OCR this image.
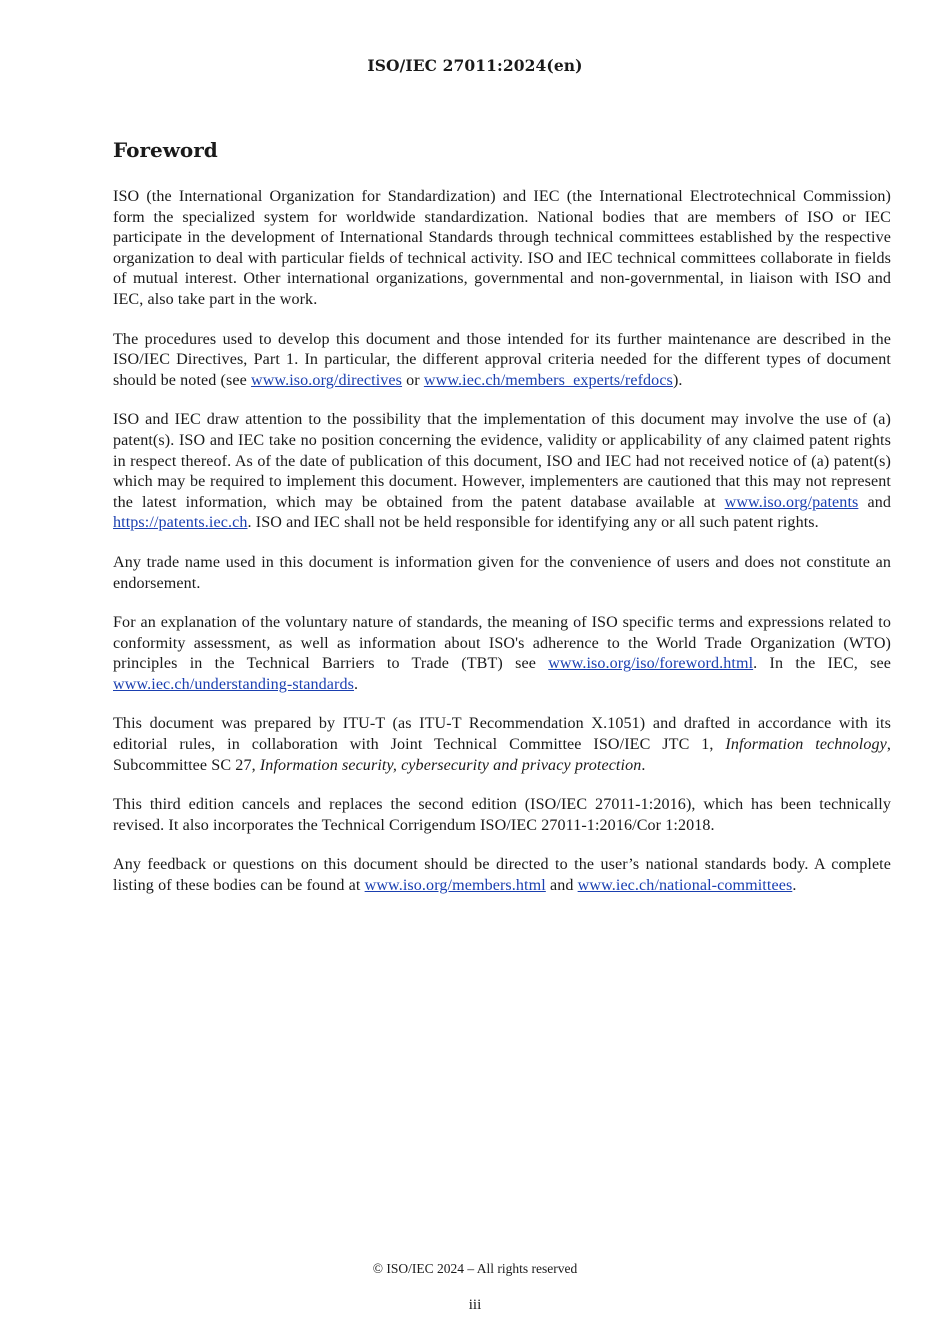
ISO/IEC 27011:2024(en)
Foreword

ISO (the International Organization for Standardization) and IEC (the International Electrotechnical Commission) form the specialized system for worldwide standardization. National bodies that are members of ISO or IEC participate in the development of International Standards through technical committees established by the respective organization to deal with particular fields of technical activity. ISO and IEC technical committees collaborate in fields of mutual interest. Other international organizations, governmental and non-governmental, in liaison with ISO and IEC, also take part in the work.

The procedures used to develop this document and those intended for its further maintenance are described in the ISO/IEC Directives, Part 1. In particular, the different approval criteria needed for the different types of document should be noted (see www.iso.org/directives or www.iec.ch/members_experts/refdocs).

ISO and IEC draw attention to the possibility that the implementation of this document may involve the use of (a) patent(s). ISO and IEC take no position concerning the evidence, validity or applicability of any claimed patent rights in respect thereof. As of the date of publication of this document, ISO and IEC had not received notice of (a) patent(s) which may be required to implement this document. However, implementers are cautioned that this may not represent the latest information, which may be obtained from the patent database available at www.iso.org/patents and https://patents.iec.ch. ISO and IEC shall not be held responsible for identifying any or all such patent rights.

Any trade name used in this document is information given for the convenience of users and does not constitute an endorsement.

For an explanation of the voluntary nature of standards, the meaning of ISO specific terms and expressions related to conformity assessment, as well as information about ISO's adherence to the World Trade Organization (WTO) principles in the Technical Barriers to Trade (TBT) see www.iso.org/iso/foreword.html. In the IEC, see www.iec.ch/understanding-standards.

This document was prepared by ITU-T (as ITU-T Recommendation X.1051) and drafted in accordance with its editorial rules, in collaboration with Joint Technical Committee ISO/IEC JTC 1, Information technology, Subcommittee SC 27, Information security, cybersecurity and privacy protection.

This third edition cancels and replaces the second edition (ISO/IEC 27011-1:2016), which has been technically revised. It also incorporates the Technical Corrigendum ISO/IEC 27011-1:2016/Cor 1:2018.

Any feedback or questions on this document should be directed to the user’s national standards body. A complete listing of these bodies can be found at www.iso.org/members.html and www.iec.ch/national-committees.

© ISO/IEC 2024 – All rights reserved
iii
